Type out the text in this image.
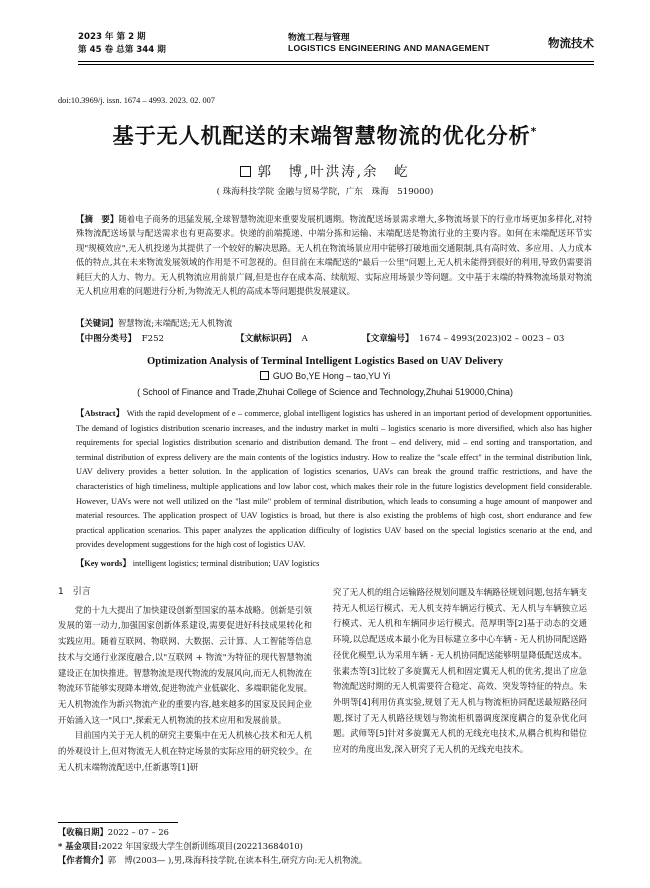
2023 年 第 2 期
第 45 卷 总第 344 期
物流工程与管理
LOGISTICS ENGINEERING AND MANAGEMENT	物流技术
doi:10.3969/j. issn. 1674 – 4993. 2023. 02. 007
基于无人机配送的末端智慧物流的优化分析*
郭　博,叶洪涛,余　屹
( 珠海科技学院 金融与贸易学院，广东　珠海　519000)
【摘　要】随着电子商务的迅猛发展,全球智慧物流迎来重要发展机遇期。物流配送场景需求增大,多物流场景下的行业市场更加多样化,对特殊物流配送场景与配送需求也有更高要求。快递的前端揽递、中端分拣和运输、末端配送是物流行业的主要内容。如何在末端配送环节实现"规模效应",无人机投递为其提供了一个较好的解决思路。无人机在物流场景应用中能够打破地面交通限制,具有高时效、多应用、人力成本低的特点,其在未来物流发展领域的作用是不可忽视的。但目前在末端配送的"最后一公里"问题上,无人机未能得到很好的利用,导致仍需要消耗巨大的人力、物力。无人机物流应用前景广阔,但是也存在成本高、续航短、实际应用场景少等问题。文中基于末端的特殊物流场景对物流无人机应用难的问题进行分析,为物流无人机的高成本等问题提供发展建议。
【关键词】智慧物流;末端配送;无人机物流
【中图分类号】 F252	【文献标识码】 A	【文章编号】 1674 – 4993(2023)02 – 0023 – 03
Optimization Analysis of Terminal Intelligent Logistics Based on UAV Delivery
GUO Bo,YE Hong – tao,YU Yi
( School of Finance and Trade,Zhuhai College of Science and Technology,Zhuhai 519000,China)
【Abstract】 With the rapid development of e – commerce, global intelligent logistics has ushered in an important period of development opportunities. The demand of logistics distribution scenario increases, and the industry market in multi – logistics scenario is more diversified, which also has higher requirements for special logistics distribution scenario and distribution demand. The front – end delivery, mid – end sorting and transportation, and terminal distribution of express delivery are the main contents of the logistics industry. How to realize the "scale effect" in the terminal distribution link, UAV delivery provides a better solution. In the application of logistics scenarios, UAVs can break the ground traffic restrictions, and have the characteristics of high timeliness, multiple applications and low labor cost, which makes their role in the future logistics development field considerable. However, UAVs were not well utilized on the "last mile" problem of terminal distribution, which leads to consuming a huge amount of manpower and material resources. The application prospect of UAV logistics is broad, but there is also existing the problems of high cost, short endurance and few practical application scenarios. This paper analyzes the application difficulty of logistics UAV based on the special logistics scenario at the end, and provides development suggestions for the high cost of logistics UAV.
【Key words】 intelligent logistics; terminal distribution; UAV logistics
1　引言

党的十九大提出了加快建设创新型国家的基本战略。创新是引领发展的第一动力,加强国家创新体系建设,需要促进好科技成果转化和实践应用。随着互联网、物联网、大数据、云计算、人工智能等信息技术与交通行业深度融合,以"互联网 + 物流"为特征的现代智慧物流建设正在加快推进。智慧物流是现代物流的发展风向,而无人机物流在物流环节能够实现降本增效,促进物流产业低碳化、多端职能化发展。无人机物流作为新兴物流产业的重要内容,越来越多的国家及民间企业开始涌入这一"风口",探索无人机物流的技术应用和发展前景。

目前国内关于无人机的研究主要集中在无人机核心技术和无人机的外观设计上,但对物流无人机在特定场景的实际应用的研究较少。在无人机末端物流配送中,任新惠等[1]研

究了无人机的组合运输路径规划问题及车辆路径规划问题,包括车辆支持无人机运行模式、无人机支持车辆运行模式、无人机与车辆独立运行模式、无人机和车辆同步运行模式。范厚明等[2]基于动态的交通环境,以总配送成本最小化为目标建立多中心车辆 - 无人机协同配送路径优化模型,认为采用车辆 - 无人机协同配送能够明显降低配送成本。张素杰等[3]比较了多旋翼无人机和固定翼无人机的优劣,提出了应急物流配送时期的无人机需要符合稳定、高效、突发等特征的特点。朱外明等[4]利用仿真实验,规划了无人机与物流柜协同配送最短路径问题,探讨了无人机路径规划与物流柜机器调度深度耦合的复杂优化问题。武师等[5]针对多旋翼无人机的无线充电技术,从耦合机构和错位应对的角度出发,深入研究了无人机的无线充电技术。
【收稿日期】2022 – 07 – 26
* 基金项目:2022 年国家级大学生创新训练项目(202213684010)
【作者简介】郭　博(2003— ),男,珠海科技学院,在读本科生,研究方向:无人机物流。
